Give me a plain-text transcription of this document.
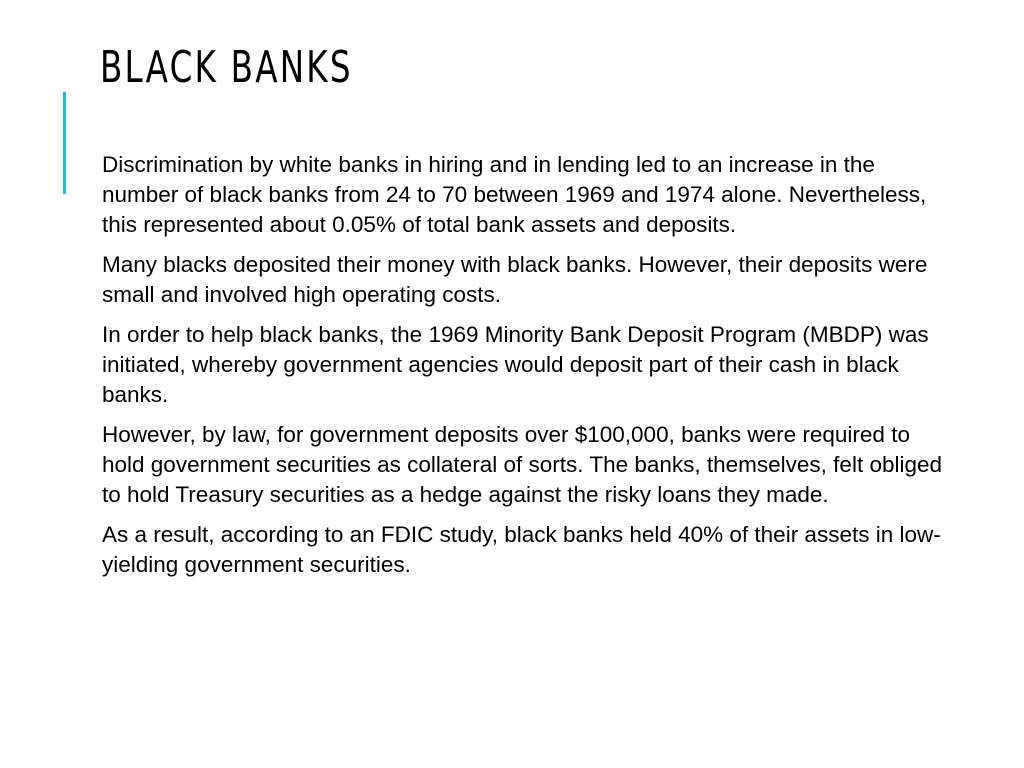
BLACK BANKS

Discrimination by white banks in hiring and in lending led to an increase in the number of black banks from 24 to 70 between 1969 and 1974 alone. Nevertheless, this represented about 0.05% of total bank assets and deposits.

Many blacks deposited their money with black banks. However, their deposits were small and involved high operating costs.

In order to help black banks, the 1969 Minority Bank Deposit Program (MBDP) was initiated, whereby government agencies would deposit part of their cash in black banks.

However, by law, for government deposits over $100,000, banks were required to hold government securities as collateral of sorts. The banks, themselves, felt obliged to hold Treasury securities as a hedge against the risky loans they made.

As a result, according to an FDIC study, black banks held 40% of their assets in low-yielding government securities.
